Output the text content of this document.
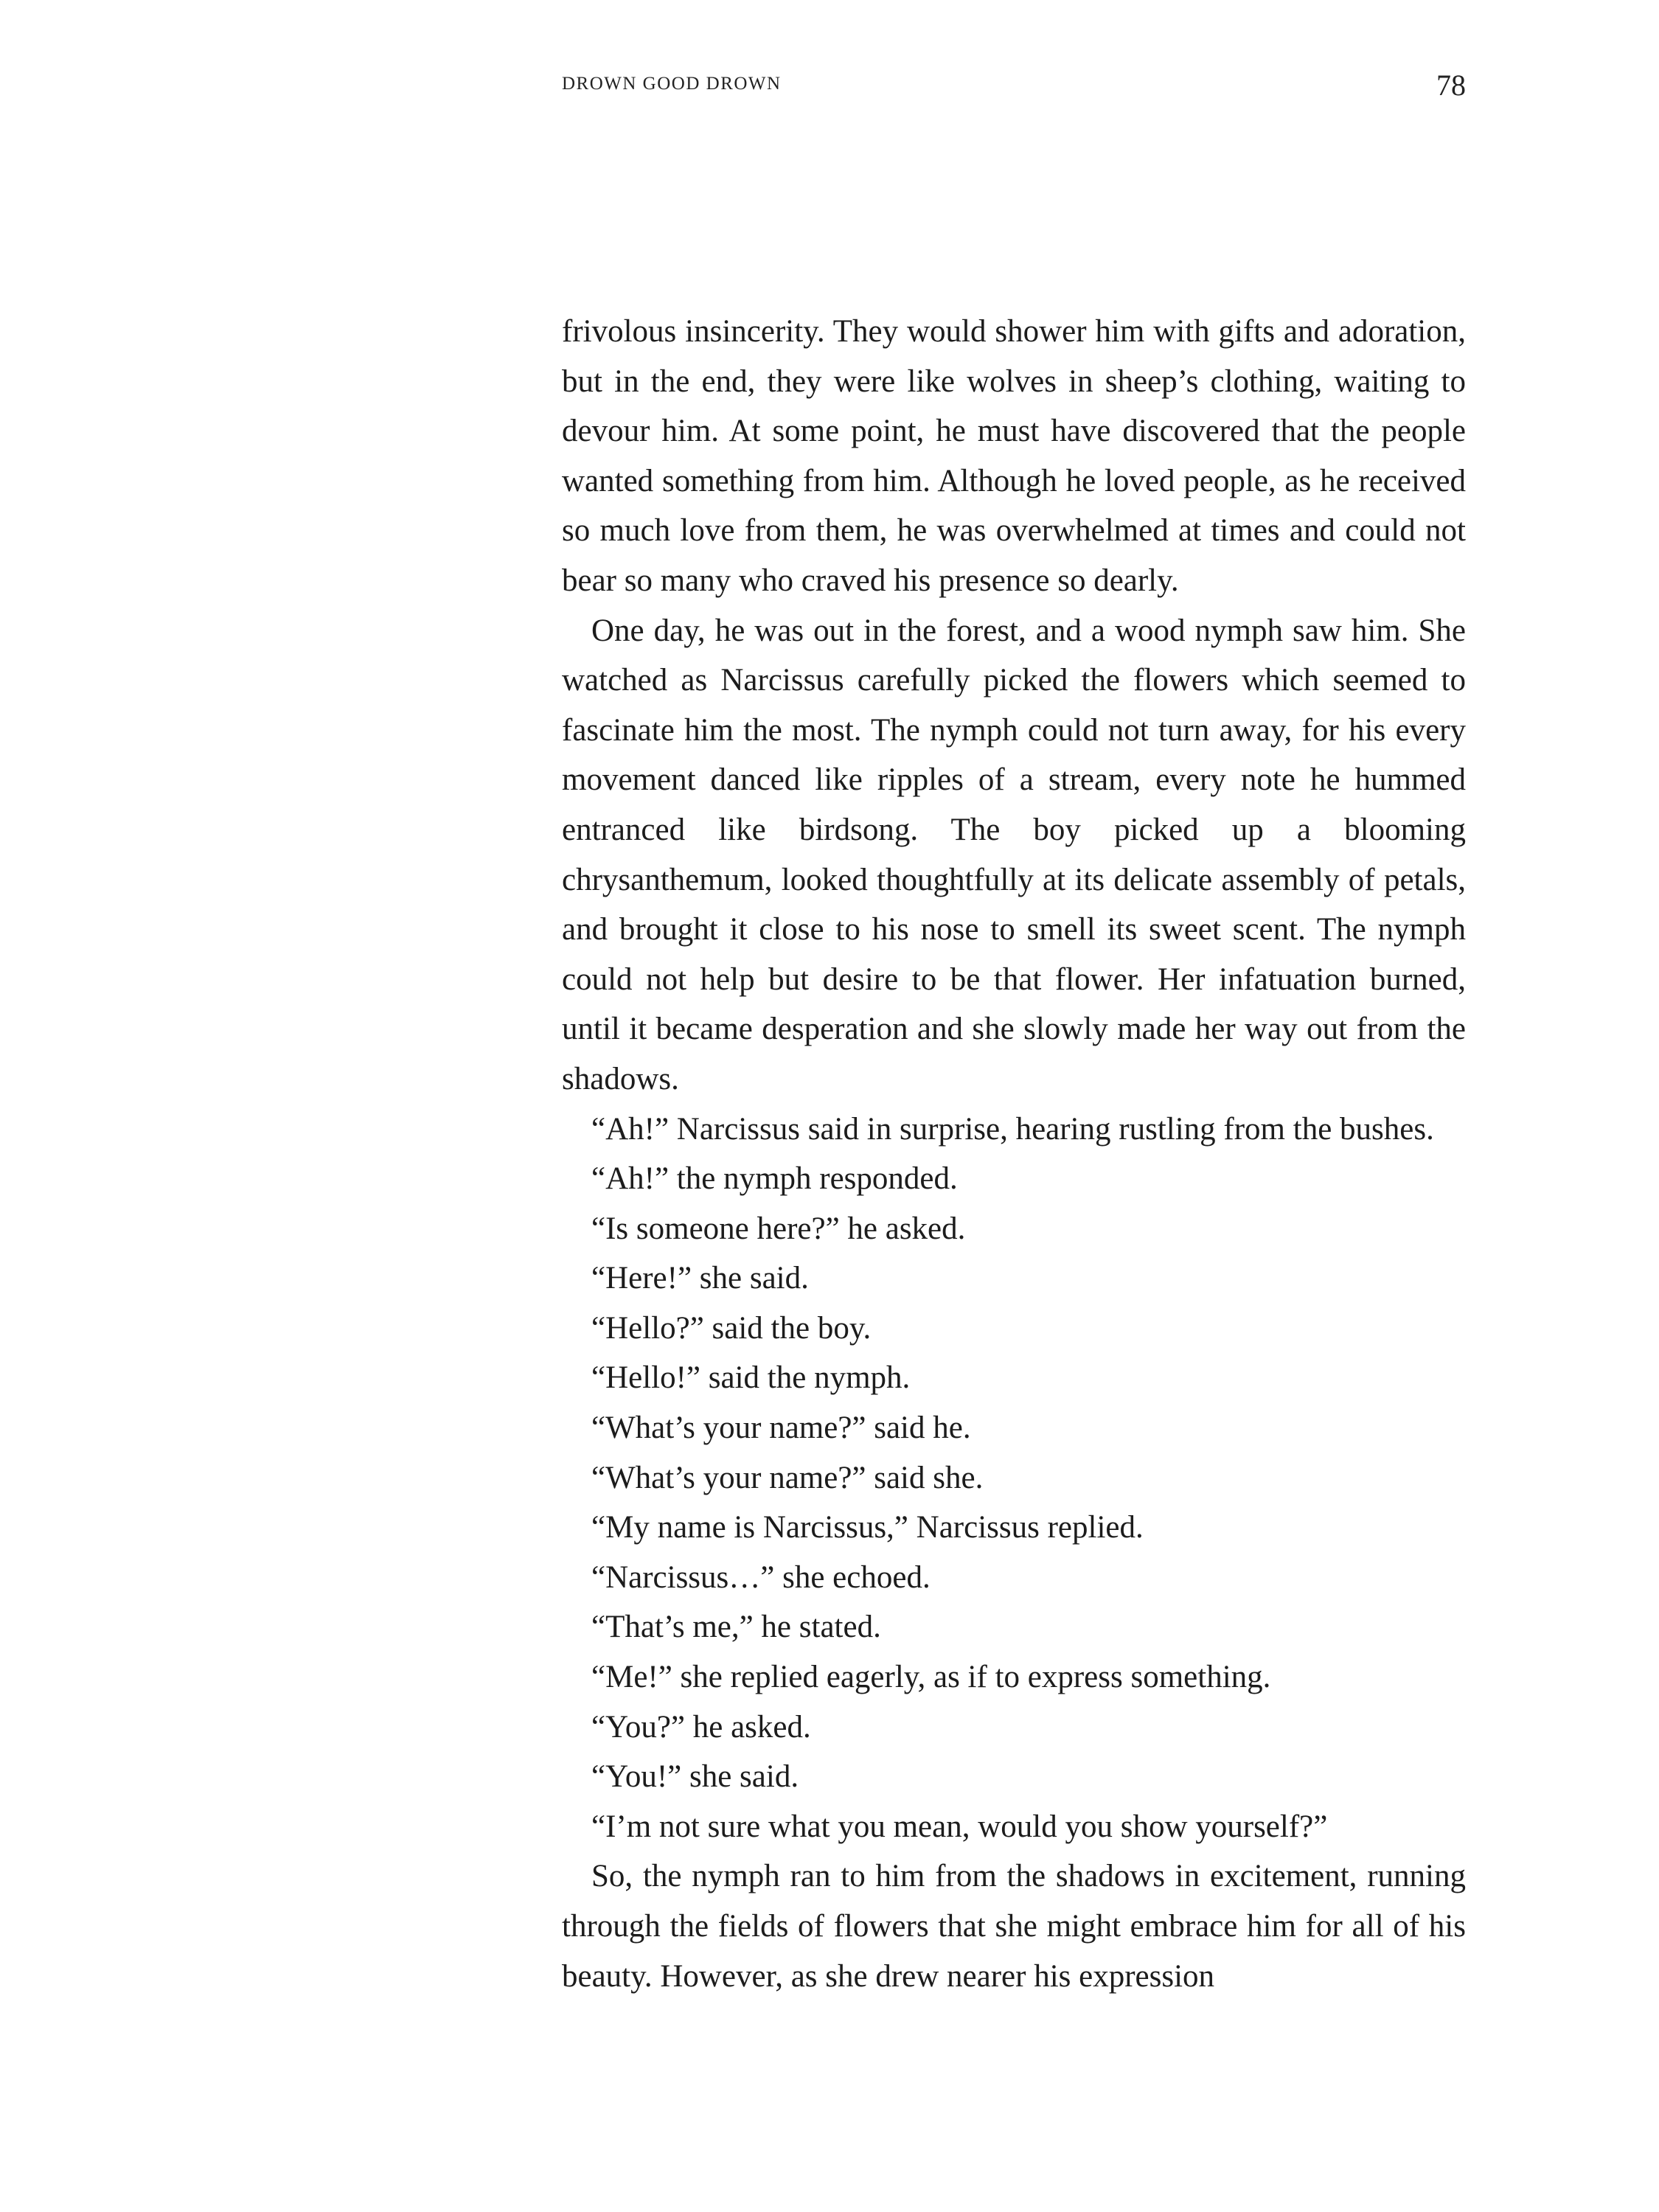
DROWN GOOD DROWN	78

frivolous insincerity. They would shower him with gifts and adoration, but in the end, they were like wolves in sheep’s clothing, waiting to devour him. At some point, he must have discovered that the people wanted something from him. Although he loved people, as he received so much love from them, he was overwhelmed at times and could not bear so many who craved his presence so dearly.

One day, he was out in the forest, and a wood nymph saw him. She watched as Narcissus carefully picked the flowers which seemed to fascinate him the most. The nymph could not turn away, for his every movement danced like ripples of a stream, every note he hummed entranced like birdsong. The boy picked up a blooming chrysanthemum, looked thoughtfully at its delicate assembly of petals, and brought it close to his nose to smell its sweet scent. The nymph could not help but desire to be that flower. Her infatuation burned, until it became desperation and she slowly made her way out from the shadows.

“Ah!” Narcissus said in surprise, hearing rustling from the bushes.

“Ah!” the nymph responded.

“Is someone here?” he asked.

“Here!” she said.

“Hello?” said the boy.

“Hello!” said the nymph.

“What’s your name?” said he.

“What’s your name?” said she.

“My name is Narcissus,” Narcissus replied.

“Narcissus…” she echoed.

“That’s me,” he stated.

“Me!” she replied eagerly, as if to express something.

“You?” he asked.

“You!” she said.

“I’m not sure what you mean, would you show yourself?”

So, the nymph ran to him from the shadows in excitement, running through the fields of flowers that she might embrace him for all of his beauty. However, as she drew nearer his expression
